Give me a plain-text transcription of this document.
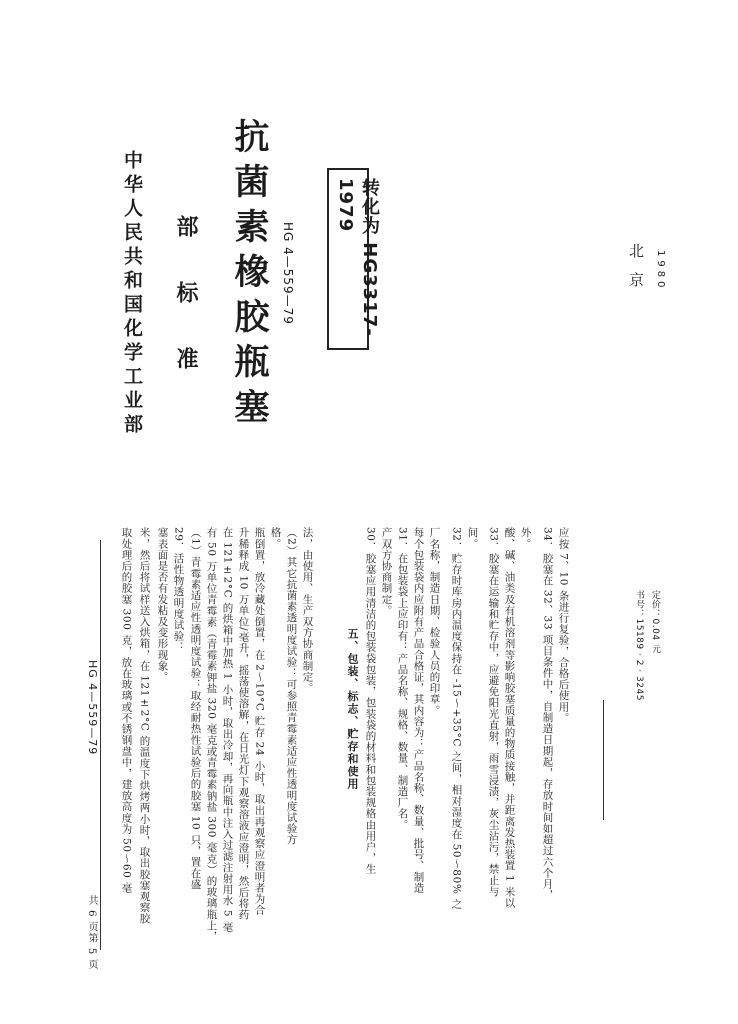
中华人民共和国化学工业部 部标准 抗菌素橡胶瓶塞 HG 4—559—79	转化为 HG3317-1979
北京 1980
共 6 页第 5 页
HG 4—559—79 取处理后的胶塞 300 克，放在玻璃或不锈钢盘中，建放高度为 50～60 毫 米，然后将试样送入烘箱，在 121±2°C 的温度下烘烤两小时，取出胶塞观察胶 塞表面是否有发粘及变形现象。 29．活性物透明度试验： （1）青霉素适应性透明度试验：取经耐热性试验后的胶塞 10 只，置在盛 有 50 万单位青霉素（青霉素钾盐 320 毫克或青霉素钠盐 300 毫克）的玻璃瓶上， 在 121±2°C 的烘箱中加热 1 小时，取出冷却，再向瓶中注入过滤注射用水 5 毫 升稀释成 10 万单位/毫升，摇荡使溶解，在日光灯下观察溶液应澄明，然后将药 瓶倒置，放冷藏处倒置，在 2～10°C 贮存 24 小时，取出再观察应澄明者为合 格。 （2）其它抗菌素透明度试验：可参照青霉素适应性透明度试验方 法，由使用、生产双方协商制定。
五、包装、标志、贮存和使用 30．胶塞应用清洁的包装袋包装，包装袋的材料和包装规格由用户，生 产双方协商制定。 31．在包装袋上应印有：产品名称、规格、数量、制造厂名。 每个包装袋内应附有产品合格证，其内容为：产品名称、数量、批号、制造 厂名称，制造日期、检验人员的印章。 32．贮存时库房内温度保持在 -15～+35°C 之间，相对湿度在 50～80% 之 间。 33．胶塞在运输和贮存中，应避免阳光直射，雨雪浸渍，灰尘沾污，禁止与 酸、碱、油类及有机溶剂等影响胶塞质量的物质接触，并距离发热装置 1 米以 外。 34．胶塞在 32、33 项目条件中，自制造日期起，存放时间如超过六个月， 应按 7、10 条进行复验，合格后使用。	书号：15189 · 2 · 3245 定价：0.04 元
